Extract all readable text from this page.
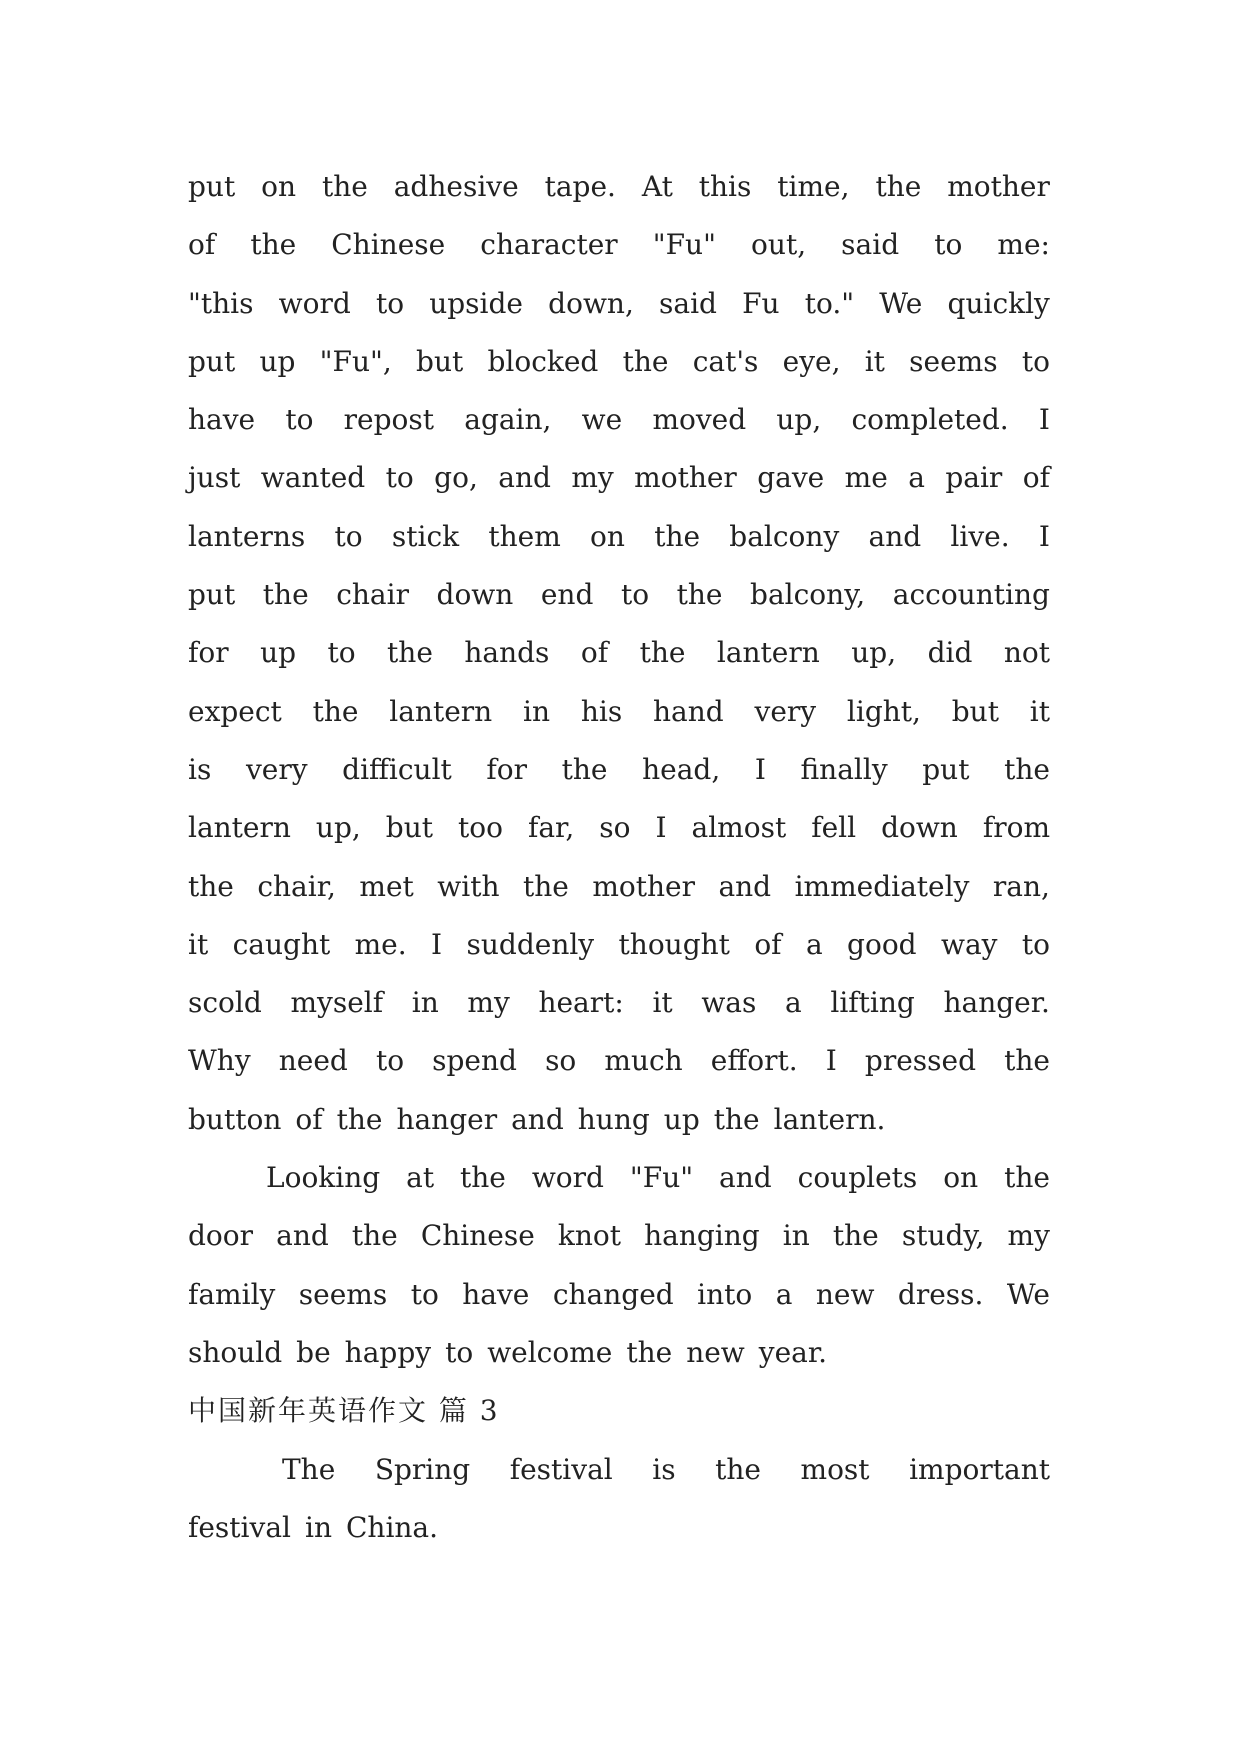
put on the adhesive tape. At this time, the mother
of the Chinese character "Fu" out, said to me:
"this word to upside down, said Fu to." We quickly
put up "Fu", but blocked the cat's eye, it seems to
have to repost again, we moved up, completed. I
just wanted to go, and my mother gave me a pair of
lanterns to stick them on the balcony and live. I
put the chair down end to the balcony, accounting
for up to the hands of the lantern up, did not
expect the lantern in his hand very light, but it
is very difficult for the head, I finally put the
lantern up, but too far, so I almost fell down from
the chair, met with the mother and immediately ran,
it caught me. I suddenly thought of a good way to
scold myself in my heart: it was a lifting hanger.
Why need to spend so much effort. I pressed the
button of the hanger and hung up the lantern.
Looking at the word "Fu" and couplets on the
door and the Chinese knot hanging in the study, my
family seems to have changed into a new dress. We
should be happy to welcome the new year.
中国新年英语作文 篇 3
The Spring festival is the most important
festival in China.
